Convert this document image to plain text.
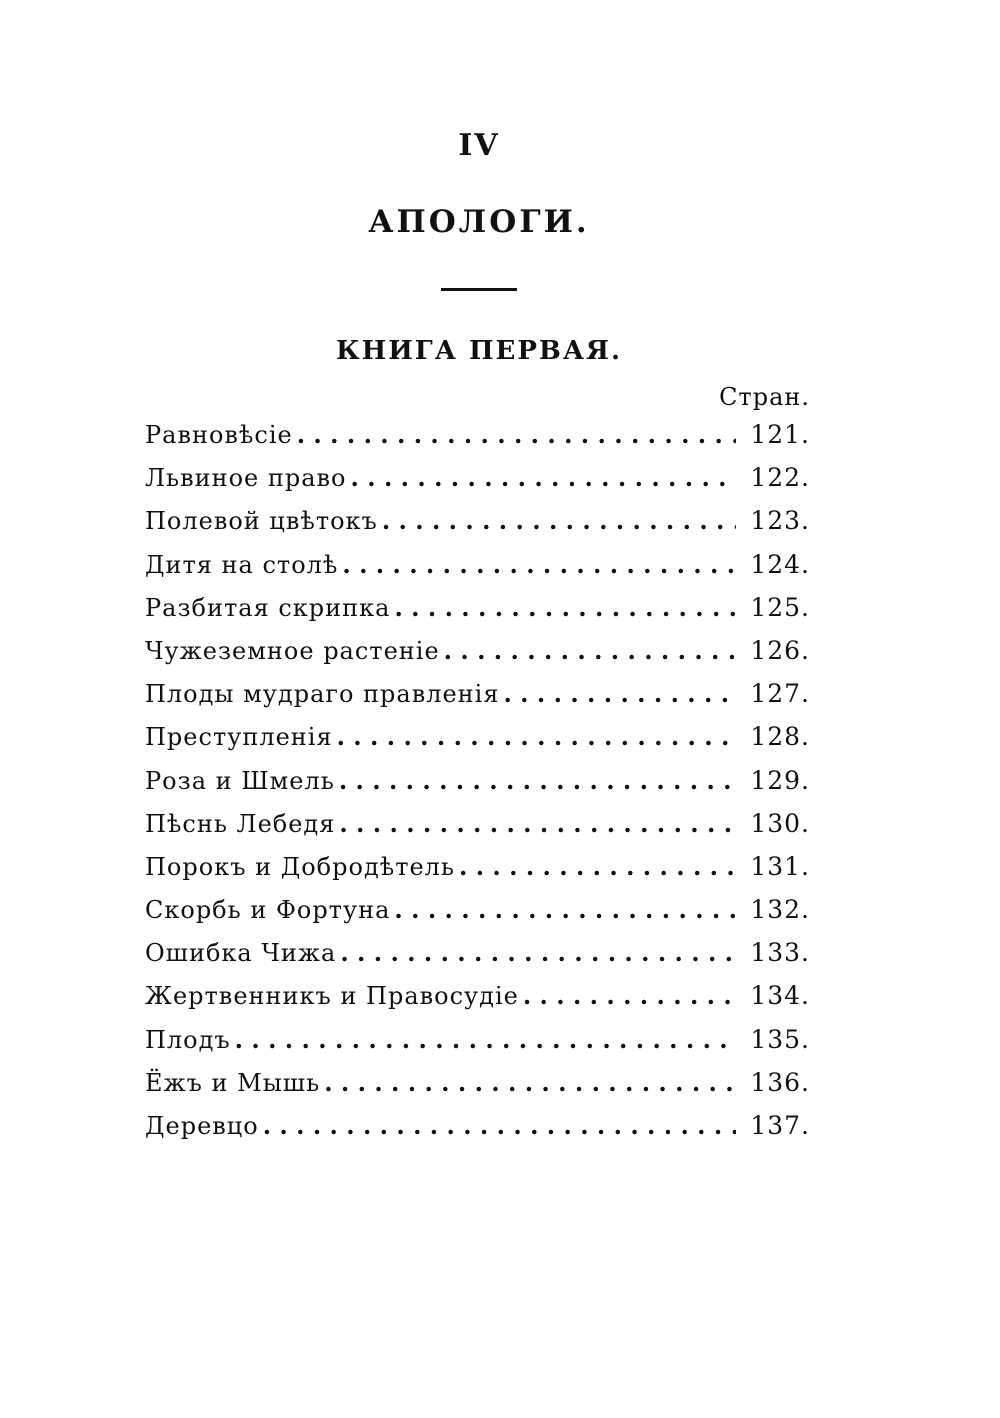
IV
АПОЛОГИ.
КНИГА ПЕРВАЯ.
Стран.
Равновѣсіе . . .	121.
Львиное право . . .	122.
Полевой цвѣтокъ . . .	123.
Дитя на столѣ . . .	124.
Разбитая скрипка . . .	125.
Чужеземное растеніе . . .	126.
Плоды мудраго правленія . . .	127.
Преступленія . . .	128.
Роза и Шмель . . .	129.
Пѣснь Лебедя . . .	130.
Порокъ и Добродѣтель . . .	131.
Скорбь и Фортуна . . .	132.
Ошибка Чижа . . .	133.
Жертвенникъ и Правосудіе . . .	134.
Плодъ . . .	135.
Ёжъ и Мышь . . .	136.
Деревцо . . .	137.
